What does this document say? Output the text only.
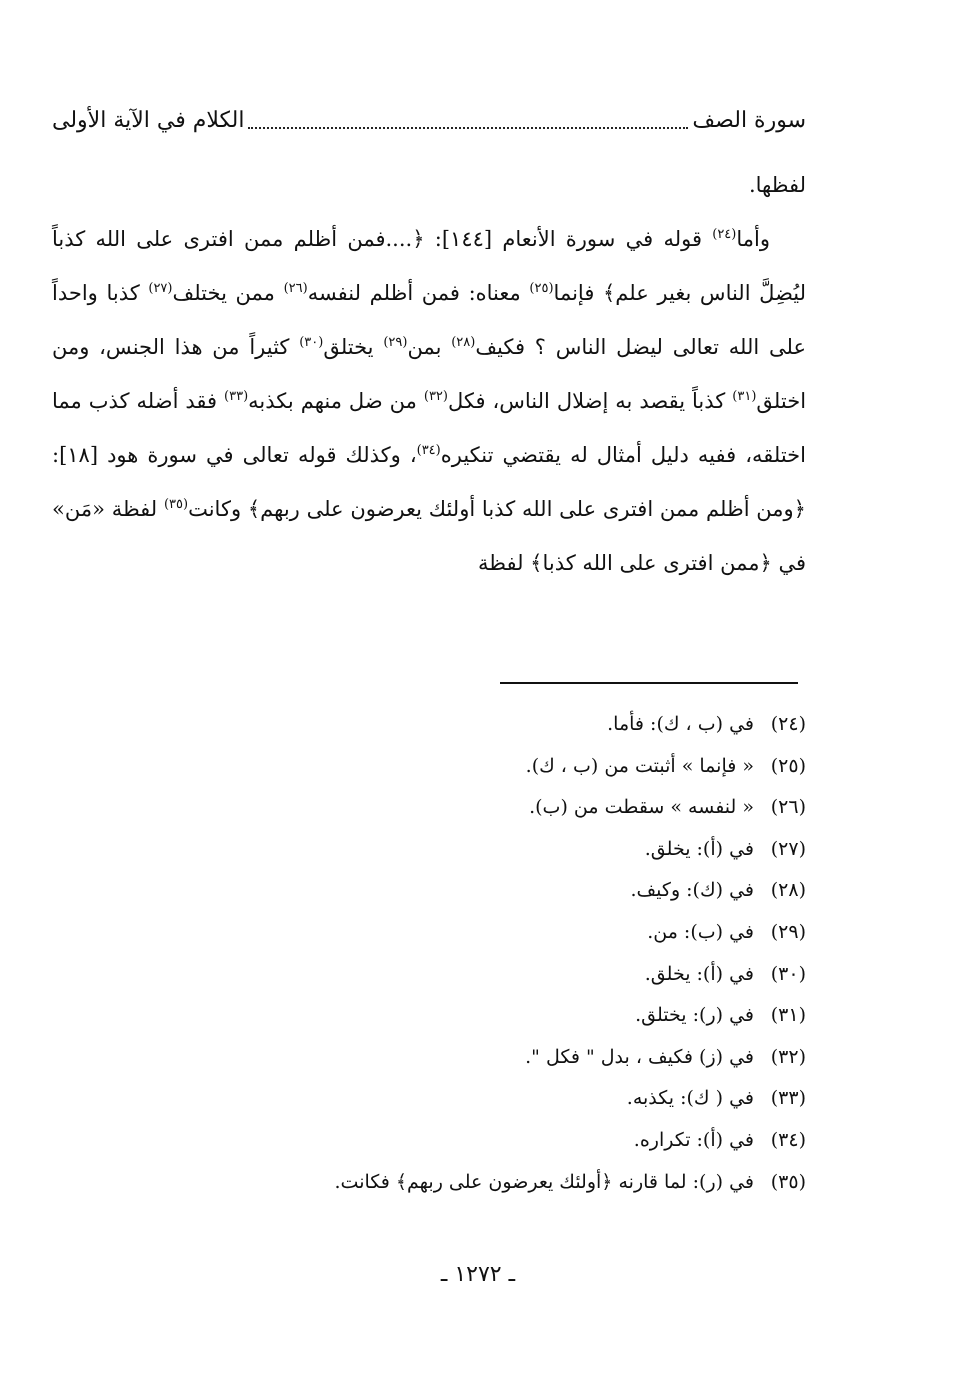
سورة الصف
الكلام في الآية الأولى

لفظها.

وأما$^{(٢٤)}$ قوله في سورة الأنعام [١٤٤]: ﴿....فمن أظلم ممن افترى على الله كذباً ليُضِلَّ الناس بغير علم﴾ فإنما$^{(٢٥)}$ معناه: فمن أظلم لنفسه$^{(٢٦)}$ ممن يختلف$^{(٢٧)}$ كذبا واحداً على الله تعالى ليضل الناس ؟ فكيف$^{(٢٨)}$ بمن$^{(٢٩)}$ يختلق$^{(٣٠)}$ كثيراً من هذا الجنس، ومن اختلق$^{(٣١)}$ كذباً يقصد به إضلال الناس، فكل$^{(٣٢)}$ من ضل منهم بكذبه$^{(٣٣)}$ فقد أضله كذب مما اختلقه، ففيه دليل أمثال له يقتضي تنكيره$^{(٣٤)}$، وكذلك قوله تعالى في سورة هود [١٨]: ﴿ومن أظلم ممن افترى على الله كذبا أولئك يعرضون على ربهم﴾ وكانت$^{(٣٥)}$ لفظة «مَن» في ﴿ممن افترى على الله كذبا﴾ لفظة

(٢٤)في (ب ، ك): فأما.
(٢٥)« فإنما » أثبتت من (ب ، ك).
(٢٦)« لنفسه » سقطت من (ب).
(٢٧)في (أ): يخلق.
(٢٨)في (ك): وكيف.
(٢٩)في (ب): من.
(٣٠)في (أ): يخلق.
(٣١)في (ر): يختلق.
(٣٢)في (ز) فكيف ، بدل " فكل ".
(٣٣)في ( ك): يكذبه.
(٣٤)في (أ): تكراره.
(٣٥)في (ر): لما قارنه ﴿أولئك يعرضون على ربهم﴾ فكانت.
ـ ١٢٧٢ ـ
